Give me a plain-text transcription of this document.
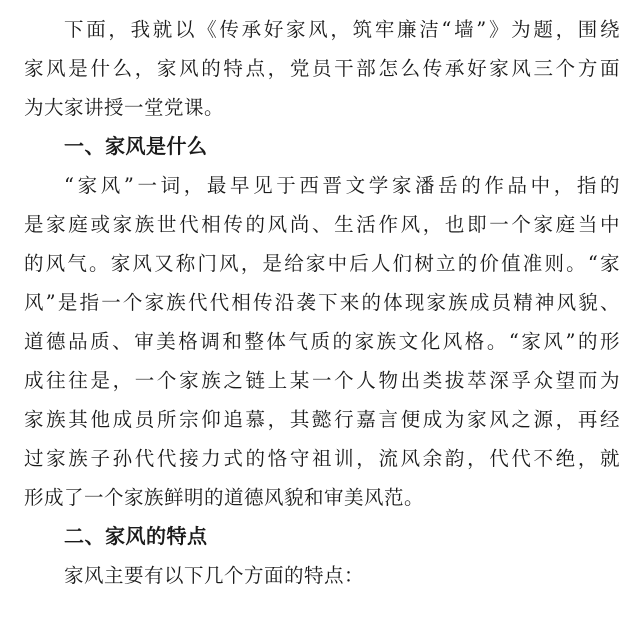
下面，我就以《传承好家风，筑牢廉洁“墙”》为题，围绕
家风是什么，家风的特点，党员干部怎么传承好家风三个方面
为大家讲授一堂党课。
一、家风是什么
“家风”一词，最早见于西晋文学家潘岳的作品中，指的
是家庭或家族世代相传的风尚、生活作风，也即一个家庭当中
的风气。家风又称门风，是给家中后人们树立的价值准则。“家
风”是指一个家族代代相传沿袭下来的体现家族成员精神风貌、
道德品质、审美格调和整体气质的家族文化风格。“家风”的形
成往往是，一个家族之链上某一个人物出类拔萃深孚众望而为
家族其他成员所宗仰追慕，其懿行嘉言便成为家风之源，再经
过家族子孙代代接力式的恪守祖训，流风余韵，代代不绝，就
形成了一个家族鲜明的道德风貌和审美风范。
二、家风的特点
家风主要有以下几个方面的特点：
